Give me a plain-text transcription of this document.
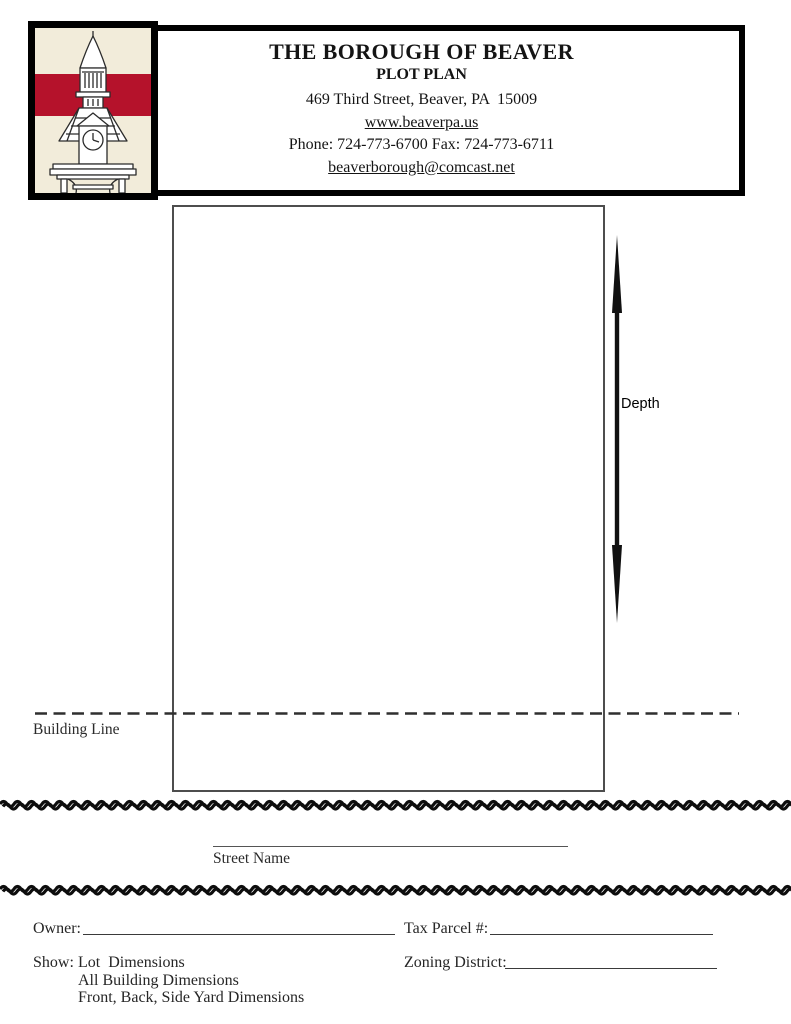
THE BOROUGH OF BEAVER
PLOT PLAN
469 Third Street, Beaver, PA  15009
www.beaverpa.us
Phone: 724-773-6700 Fax: 724-773-6711
beaverborough@comcast.net
Depth
Building Line
Street Name
Owner:	Tax Parcel #:
Show: Lot  Dimensions
All Building Dimensions
Front, Back, Side Yard Dimensions
Zoning District:
